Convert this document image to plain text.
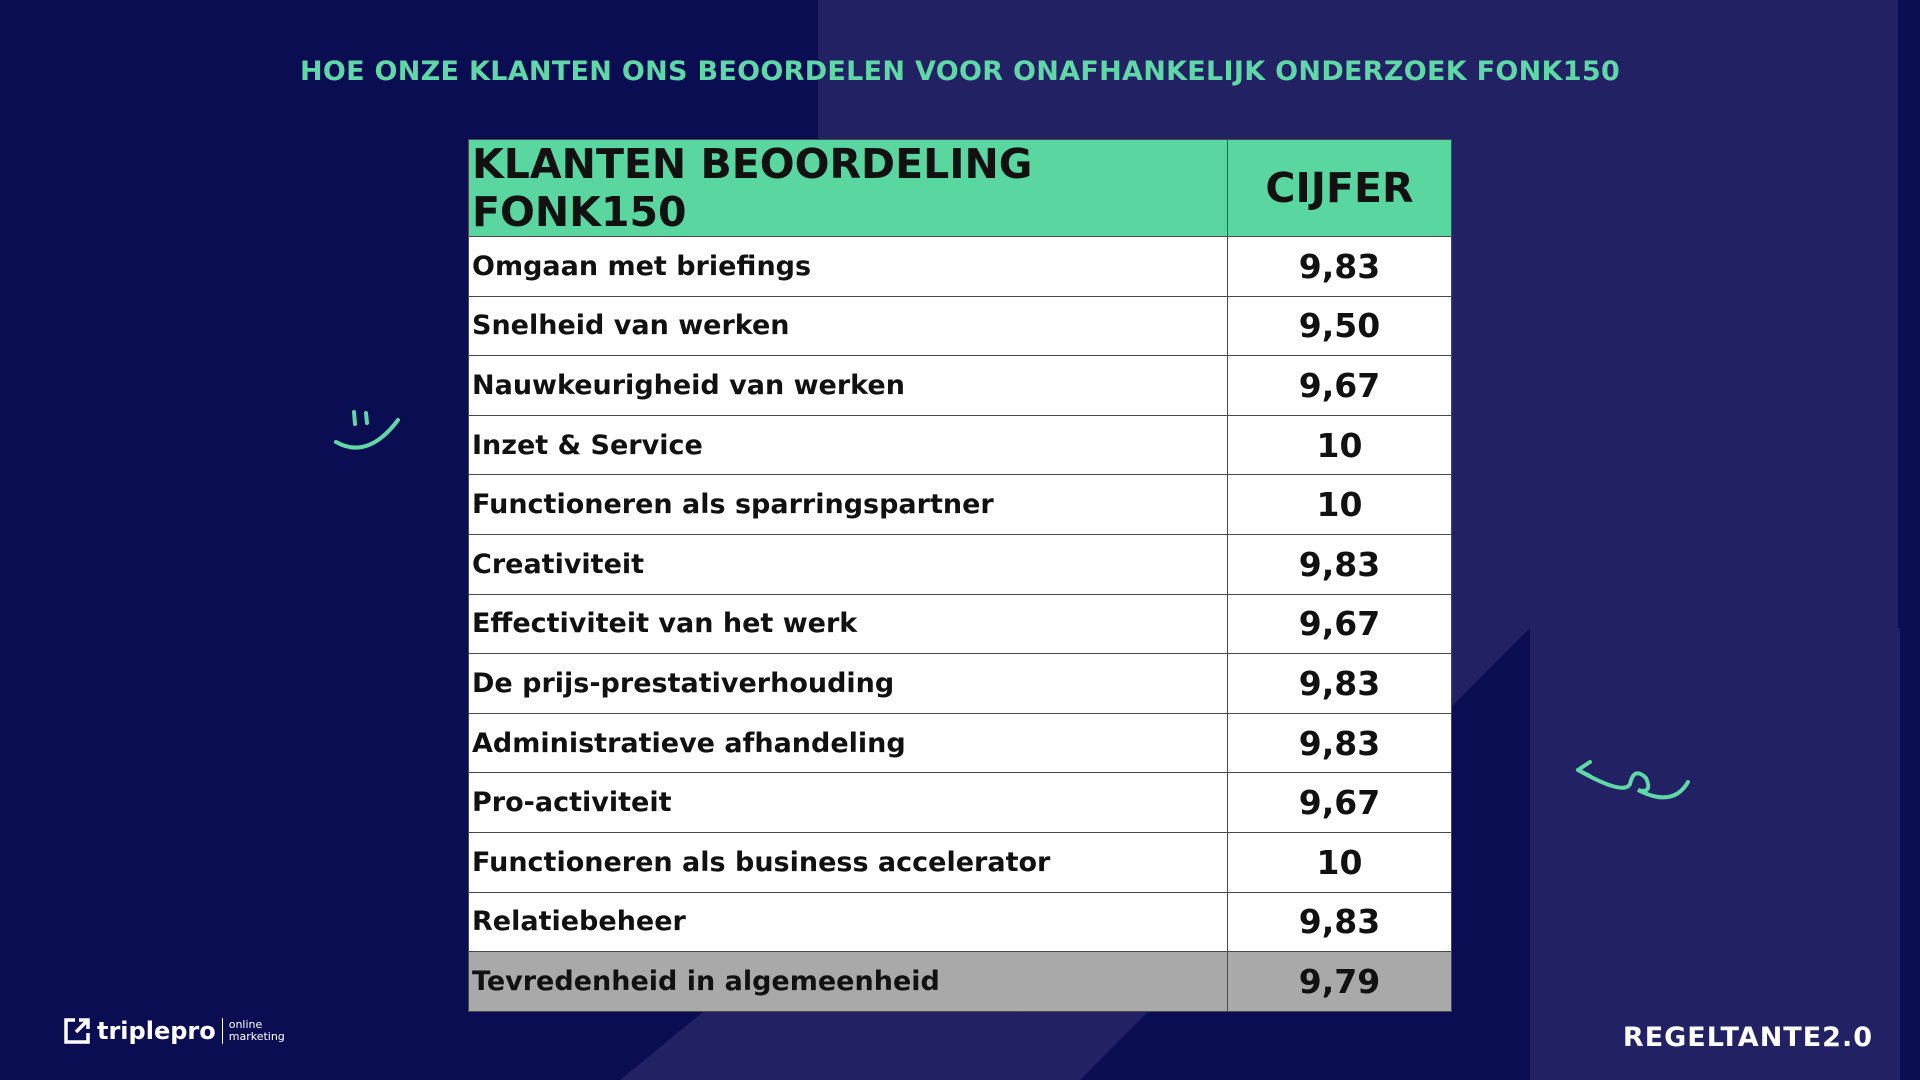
HOE ONZE KLANTEN ONS BEOORDELEN VOOR ONAFHANKELIJK ONDERZOEK FONK150
KLANTEN BEOORDELING FONK150	CIJFER
Omgaan met briefings	9,83
Snelheid van werken	9,50
Nauwkeurigheid van werken	9,67
Inzet & Service	10
Functioneren als sparringspartner	10
Creativiteit	9,83
Effectiviteit van het werk	9,67
De prijs-prestativerhouding	9,83
Administratieve afhandeling	9,83
Pro-activiteit	9,67
Functioneren als business accelerator	10
Relatiebeheer	9,83
Tevredenheid in algemeenheid	9,79
triplepro online
marketing	REGELTANTE2.0
